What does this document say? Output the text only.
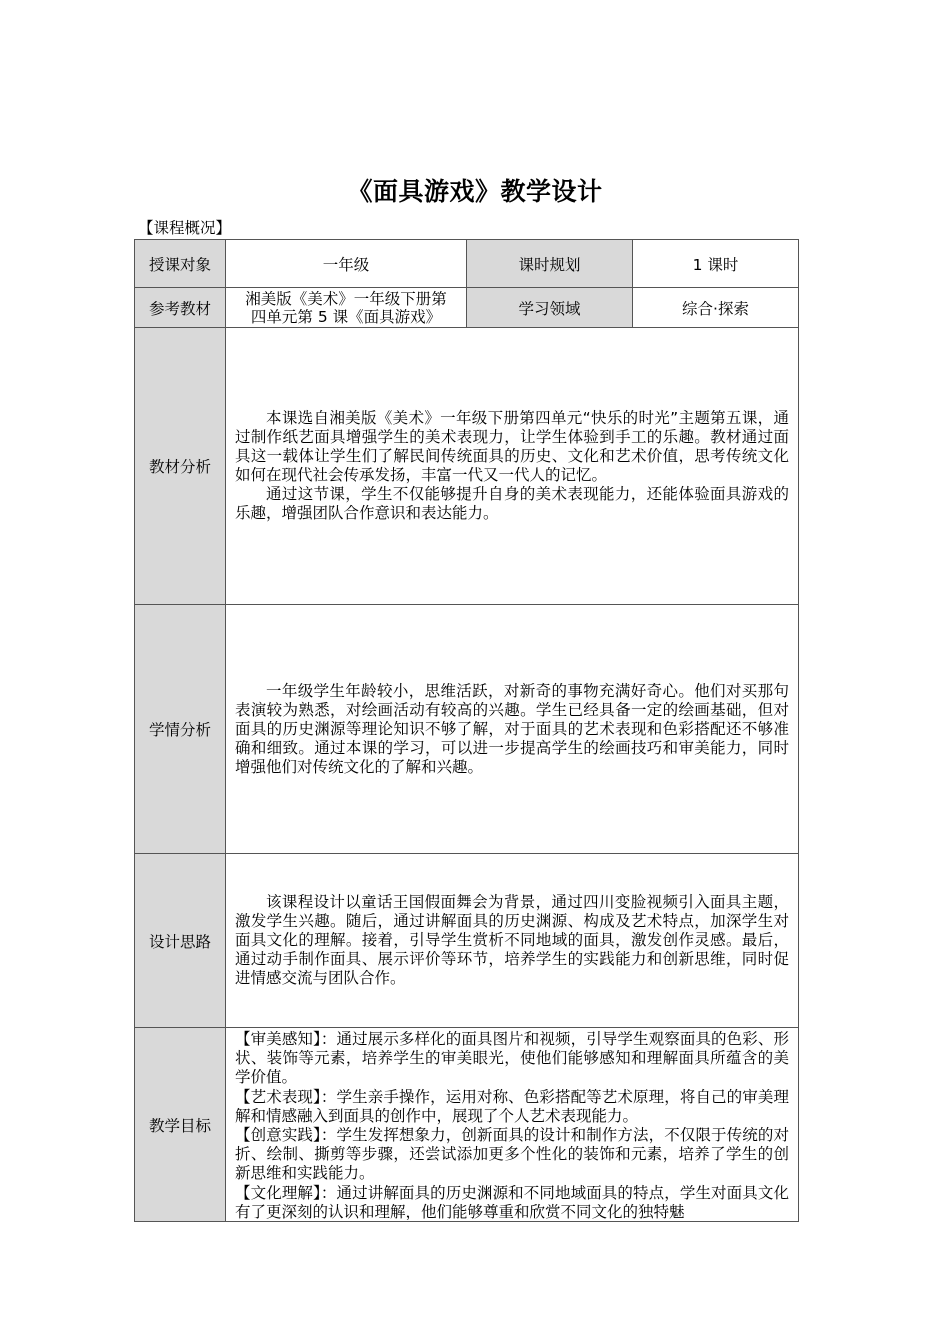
《面具游戏》教学设计
【课程概况】
授课对象	一年级	课时规划	1 课时
参考教材	湘美版《美术》一年级下册第
四单元第 5 课《面具游戏》	学习领域	综合·探索
教材分析	本课选自湘美版《美术》一年级下册第四单元“快乐的时光”主题第五课，通过制作纸艺面具增强学生的美术表现力，让学生体验到手工的乐趣。教材通过面具这一载体让学生们了解民间传统面具的历史、文化和艺术价值，思考传统文化如何在现代社会传承发扬，丰富一代又一代人的记忆。

通过这节课，学生不仅能够提升自身的美术表现能力，还能体验面具游戏的乐趣，增强团队合作意识和表达能力。		

学情分析	一年级学生年龄较小，思维活跃，对新奇的事物充满好奇心。他们对买那句表演较为熟悉，对绘画活动有较高的兴趣。学生已经具备一定的绘画基础，但对面具的历史渊源等理论知识不够了解，对于面具的艺术表现和色彩搭配还不够准确和细致。通过本课的学习，可以进一步提高学生的绘画技巧和审美能力，同时增强他们对传统文化的了解和兴趣。		

设计思路	该课程设计以童话王国假面舞会为背景，通过四川变脸视频引入面具主题，激发学生兴趣。随后，通过讲解面具的历史渊源、构成及艺术特点，加深学生对面具文化的理解。接着，引导学生赏析不同地域的面具，激发创作灵感。最后，通过动手制作面具、展示评价等环节，培养学生的实践能力和创新思维，同时促进情感交流与团队合作。		

教学目标	【审美感知】：通过展示多样化的面具图片和视频，引导学生观察面具的色彩、形状、装饰等元素，培养学生的审美眼光，使他们能够感知和理解面具所蕴含的美学价值。

【艺术表现】：学生亲手操作，运用对称、色彩搭配等艺术原理，将自己的审美理解和情感融入到面具的创作中，展现了个人艺术表现能力。

【创意实践】：学生发挥想象力，创新面具的设计和制作方法，不仅限于传统的对折、绘制、撕剪等步骤，还尝试添加更多个性化的装饰和元素，培养了学生的创新思维和实践能力。

【文化理解】：通过讲解面具的历史渊源和不同地域面具的特点，学生对面具文化有了更深刻的认识和理解，他们能够尊重和欣赏不同文化的独特魅		
